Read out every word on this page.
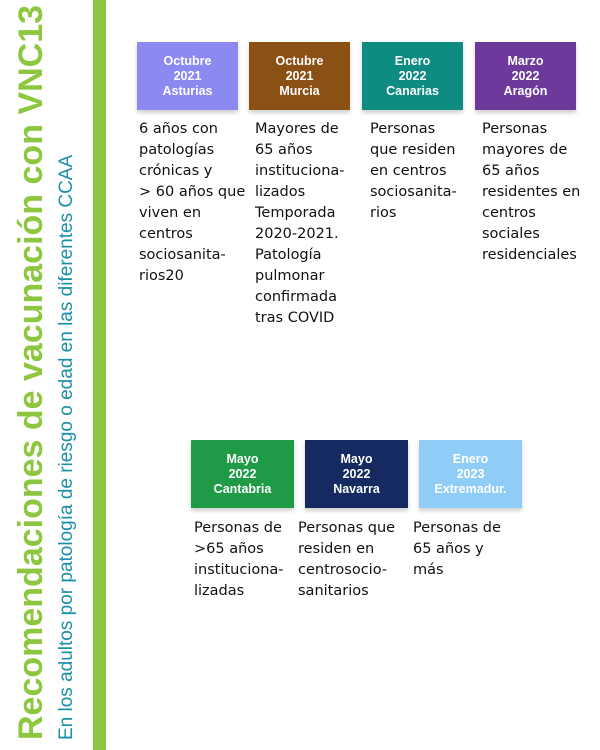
Recomendaciones de vacunación con VNC13 En los adultos por patología de riesgo o edad en las diferentes CCAA
Octubre
2021
Asturias
6 años con
patologías
crónicas y
> 60 años que
viven en
centros
sociosanita-
rios20
Octubre
2021
Murcia
Mayores de
65 años
instituciona-
lizados
Temporada
2020-2021.
Patología
pulmonar
confirmada
tras COVID
Enero
2022
Canarias
Personas
que residen
en centros
sociosanita-
rios
Marzo
2022
Aragón
Personas
mayores de
65 años
residentes en
centros
sociales
residenciales
Mayo
2022
Cantabria
Personas de
>65 años
instituciona-
lizadas
Mayo
2022
Navarra
Personas que
residen en
centrosocio-
sanitarios
Enero
2023
Extremadur.
Personas de
65 años y
más
